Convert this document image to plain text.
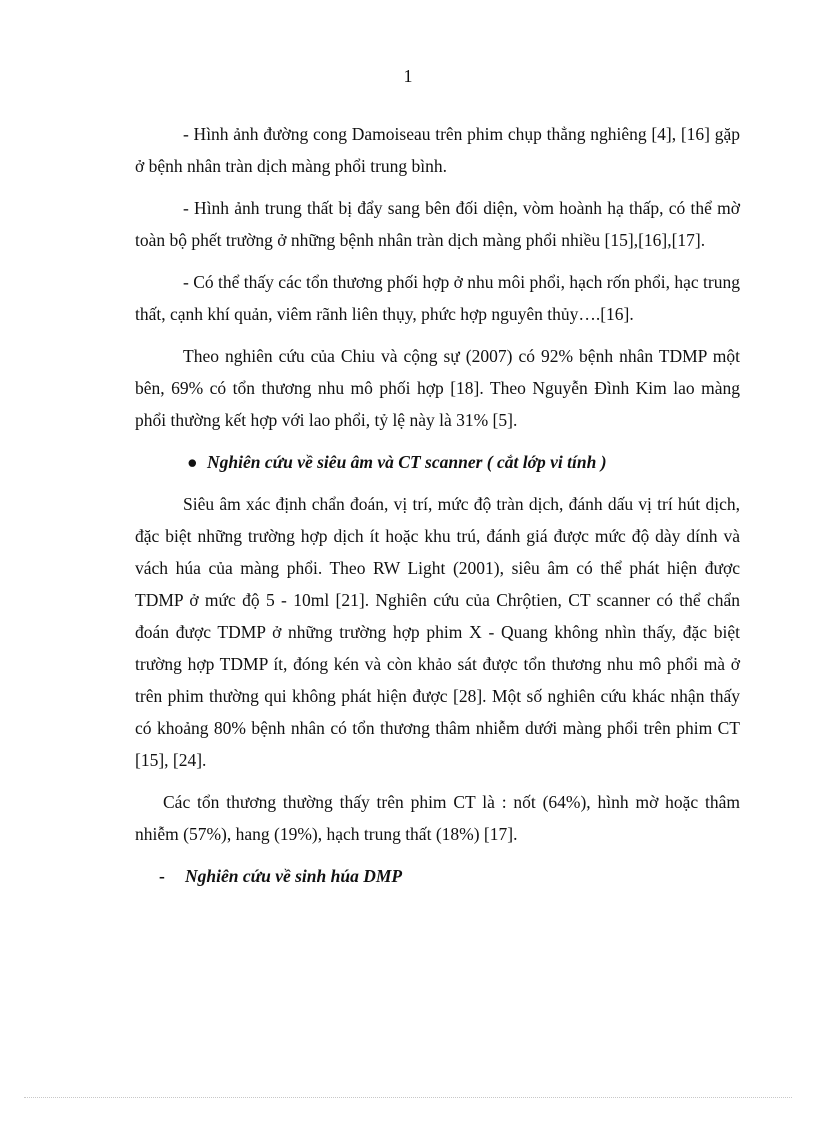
1

- Hình ảnh đường cong Damoiseau trên phim chụp thẳng nghiêng [4], [16] gặp ở bệnh nhân tràn dịch màng phổi trung bình.

- Hình ảnh trung thất bị đẩy sang bên đối diện, vòm hoành hạ thấp, có thể mờ toàn bộ phết trường ở những bệnh nhân tràn dịch màng phổi nhiều [15],[16],[17].

- Có thể thấy các tổn thương phối hợp ở nhu môi phổi, hạch rốn phổi, hạc trung thất, cạnh khí quản, viêm rãnh liên thụy, phức hợp nguyên thủy….[16].

Theo nghiên cứu của Chiu và cộng sự (2007) có 92% bệnh nhân TDMP một bên, 69% có tổn thương nhu mô phối hợp [18]. Theo Nguyễn Đình Kim lao màng phổi thường kết hợp với lao phổi, tỷ lệ này là 31% [5].

● Nghiên cứu về siêu âm và CT scanner ( cắt lớp vi tính )

Siêu âm xác định chẩn đoán, vị trí, mức độ tràn dịch, đánh dấu vị trí hút dịch, đặc biệt những trường hợp dịch ít hoặc khu trú, đánh giá được mức độ dày dính và vách húa của màng phổi. Theo RW Light (2001), siêu âm có thể phát hiện được TDMP ở mức độ 5 - 10ml [21]. Nghiên cứu của Chrộtien, CT scanner có thể chẩn đoán được TDMP ở những trường hợp phim X - Quang không nhìn thấy, đặc biệt trường hợp TDMP ít, đóng kén và còn khảo sát được tổn thương nhu mô phổi mà ở trên phim thường qui không phát hiện được [28]. Một số nghiên cứu khác nhận thấy có khoảng 80% bệnh nhân có tổn thương thâm nhiễm dưới màng phổi trên phim CT [15], [24].

Các tổn thương thường thấy trên phim CT là : nốt (64%), hình mờ hoặc thâm nhiễm (57%), hang (19%), hạch trung thất (18%) [17].

- Nghiên cứu về sinh húa DMP
